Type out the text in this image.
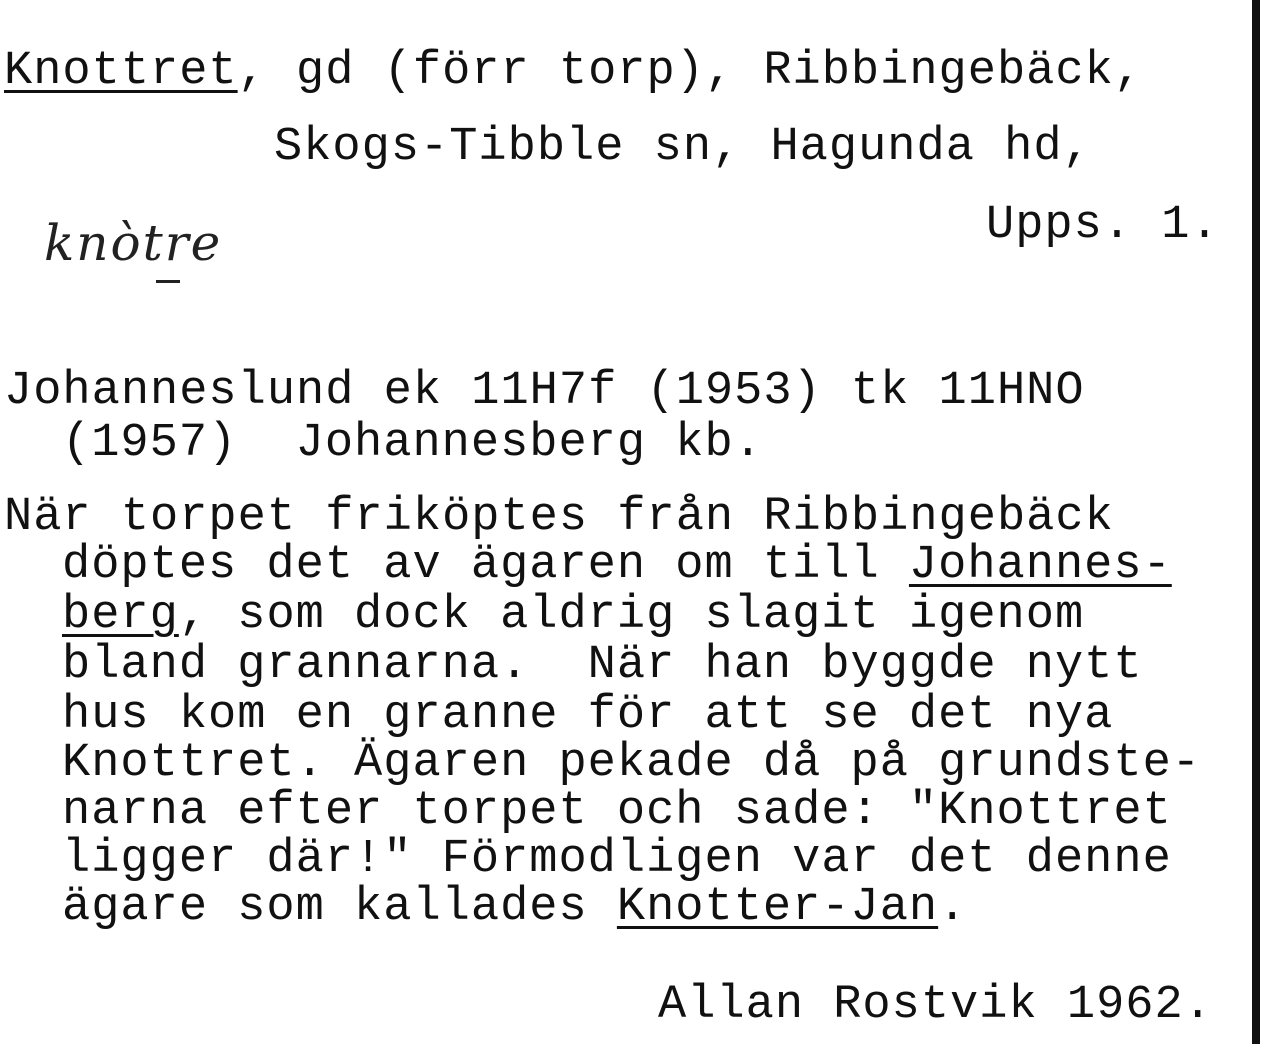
Knottret, gd (förr torp), Ribbingebäck,
Skogs-Tibble sn, Hagunda hd,
Upps. 1.
knòtre
Johanneslund ek 11H7f (1953) tk 11HNO
(1957)  Johannesberg kb.
När torpet friköptes från Ribbingebäck
döptes det av ägaren om till Johannes-
berg, som dock aldrig slagit igenom
bland grannarna.  När han byggde nytt
hus kom en granne för att se det nya
Knottret. Ägaren pekade då på grundste-
narna efter torpet och sade: "Knottret
ligger där!" Förmodligen var det denne
ägare som kallades Knotter-Jan.
Allan Rostvik 1962.
